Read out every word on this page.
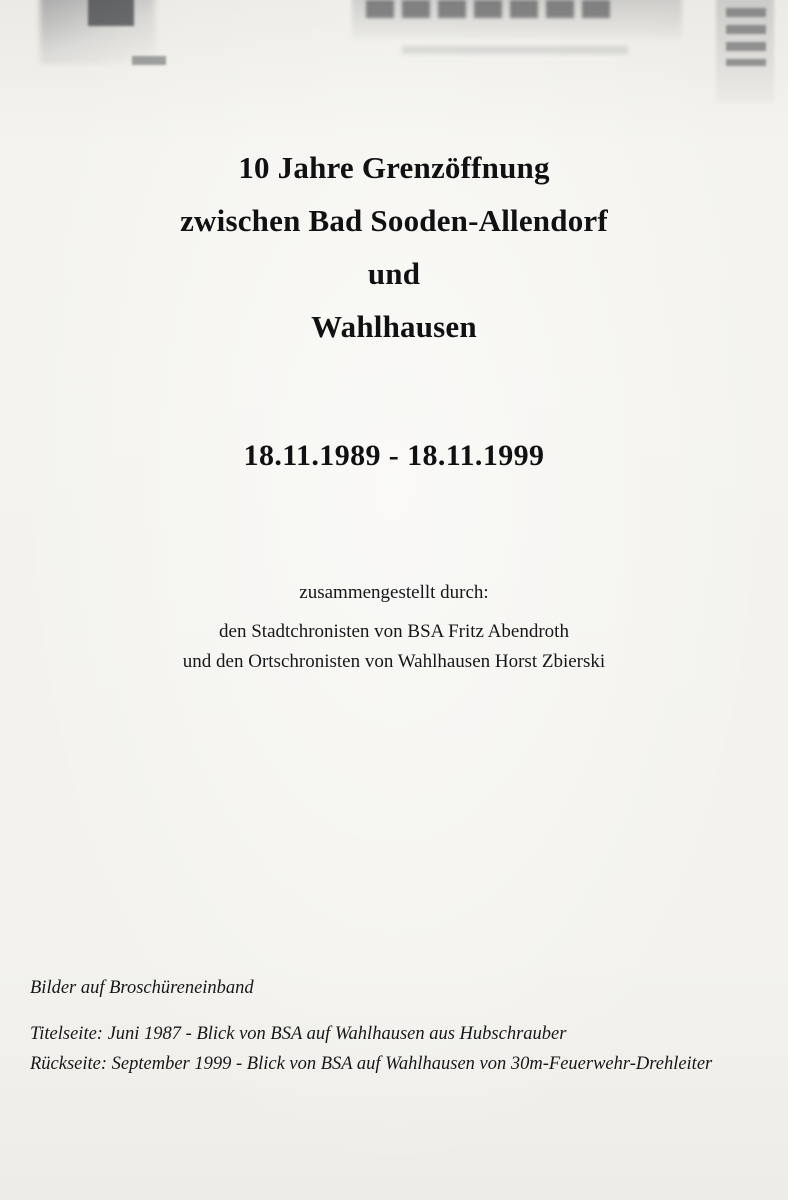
10 Jahre Grenzöffnung
zwischen Bad Sooden-Allendorf
und
Wahlhausen
18.11.1989 - 18.11.1999
zusammengestellt durch:
den Stadtchronisten von BSA Fritz Abendroth
und den Ortschronisten von Wahlhausen Horst Zbierski
Bilder auf Broschüreneinband
Titelseite: Juni 1987 - Blick von BSA auf Wahlhausen aus Hubschrauber
Rückseite: September 1999 - Blick von BSA auf Wahlhausen von 30m-Feuerwehr-Drehleiter
